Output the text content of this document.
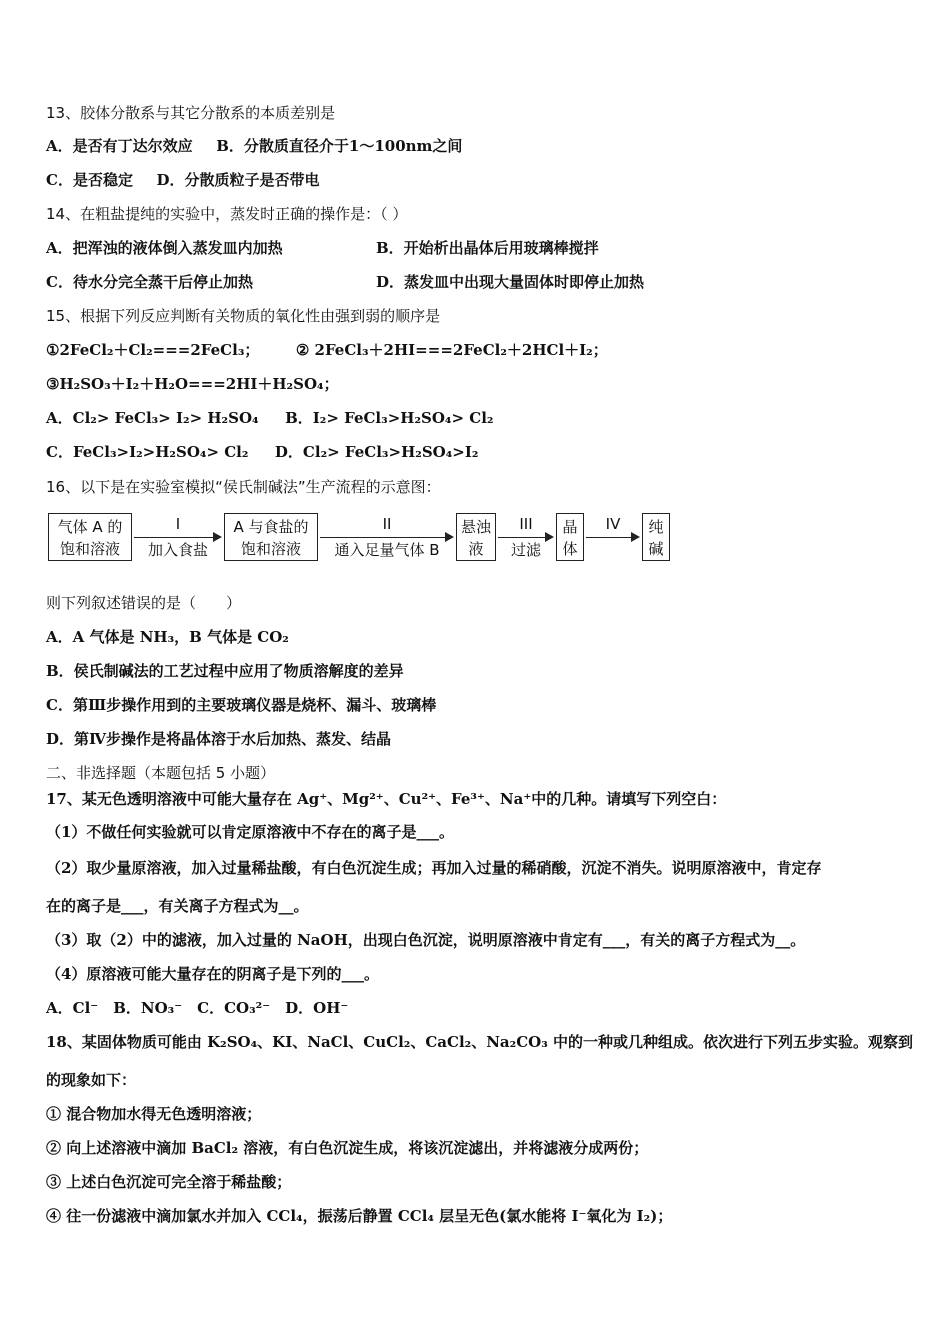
13、胶体分散系与其它分散系的本质差别是
A．是否有丁达尔效应 B．分散质直径介于1～100nm之间
C．是否稳定 D．分散质粒子是否带电
14、在粗盐提纯的实验中，蒸发时正确的操作是：（ ）
A．把浑浊的液体倒入蒸发皿内加热	B．开始析出晶体后用玻璃棒搅拌
C．待水分完全蒸干后停止加热	D．蒸发皿中出现大量固体时即停止加热
15、根据下列反应判断有关物质的氧化性由强到弱的顺序是
①2FeCl₂＋Cl₂===2FeCl₃； ② 2FeCl₃＋2HI===2FeCl₂＋2HCl＋I₂；
③H₂SO₃＋I₂＋H₂O===2HI＋H₂SO₄；
A．Cl₂> FeCl₃> I₂> H₂SO₄ B．I₂> FeCl₃>H₂SO₄> Cl₂
C．FeCl₃>I₂>H₂SO₄> Cl₂ D．Cl₂> FeCl₃>H₂SO₄>I₂
16、以下是在实验室模拟“侯氏制碱法”生产流程的示意图：
气体 A 的
饱和溶液
I
加入食盐
A 与食盐的
饱和溶液
II
通入足量气体 B
悬浊
液
III
过滤
晶
体
IV	纯
碱
则下列叙述错误的是（　　）
A．A 气体是 NH₃，B 气体是 CO₂
B．侯氏制碱法的工艺过程中应用了物质溶解度的差异
C．第Ⅲ步操作用到的主要玻璃仪器是烧杯、漏斗、玻璃棒
D．第Ⅳ步操作是将晶体溶于水后加热、蒸发、结晶
二、非选择题（本题包括 5 小题）
17、某无色透明溶液中可能大量存在 Ag⁺、Mg²⁺、Cu²⁺、Fe³⁺、Na⁺中的几种。请填写下列空白：
（1）不做任何实验就可以肯定原溶液中不存在的离子是___。
（2）取少量原溶液，加入过量稀盐酸，有白色沉淀生成；再加入过量的稀硝酸，沉淀不消失。说明原溶液中，肯定存
在的离子是___，有关离子方程式为__。
（3）取（2）中的滤液，加入过量的 NaOH，出现白色沉淀，说明原溶液中肯定有___，有关的离子方程式为__。
（4）原溶液可能大量存在的阴离子是下列的___。
A．Cl⁻　B．NO₃⁻　C．CO₃²⁻　D．OH⁻
18、某固体物质可能由 K₂SO₄、KI、NaCl、CuCl₂、CaCl₂、Na₂CO₃ 中的一种或几种组成。依次进行下列五步实验。观察到
的现象如下：
① 混合物加水得无色透明溶液；
② 向上述溶液中滴加 BaCl₂ 溶液，有白色沉淀生成，将该沉淀滤出，并将滤液分成两份；
③ 上述白色沉淀可完全溶于稀盐酸；
④ 往一份滤液中滴加氯水并加入 CCl₄，振荡后静置 CCl₄ 层呈无色(氯水能将 I⁻氧化为 I₂)；
